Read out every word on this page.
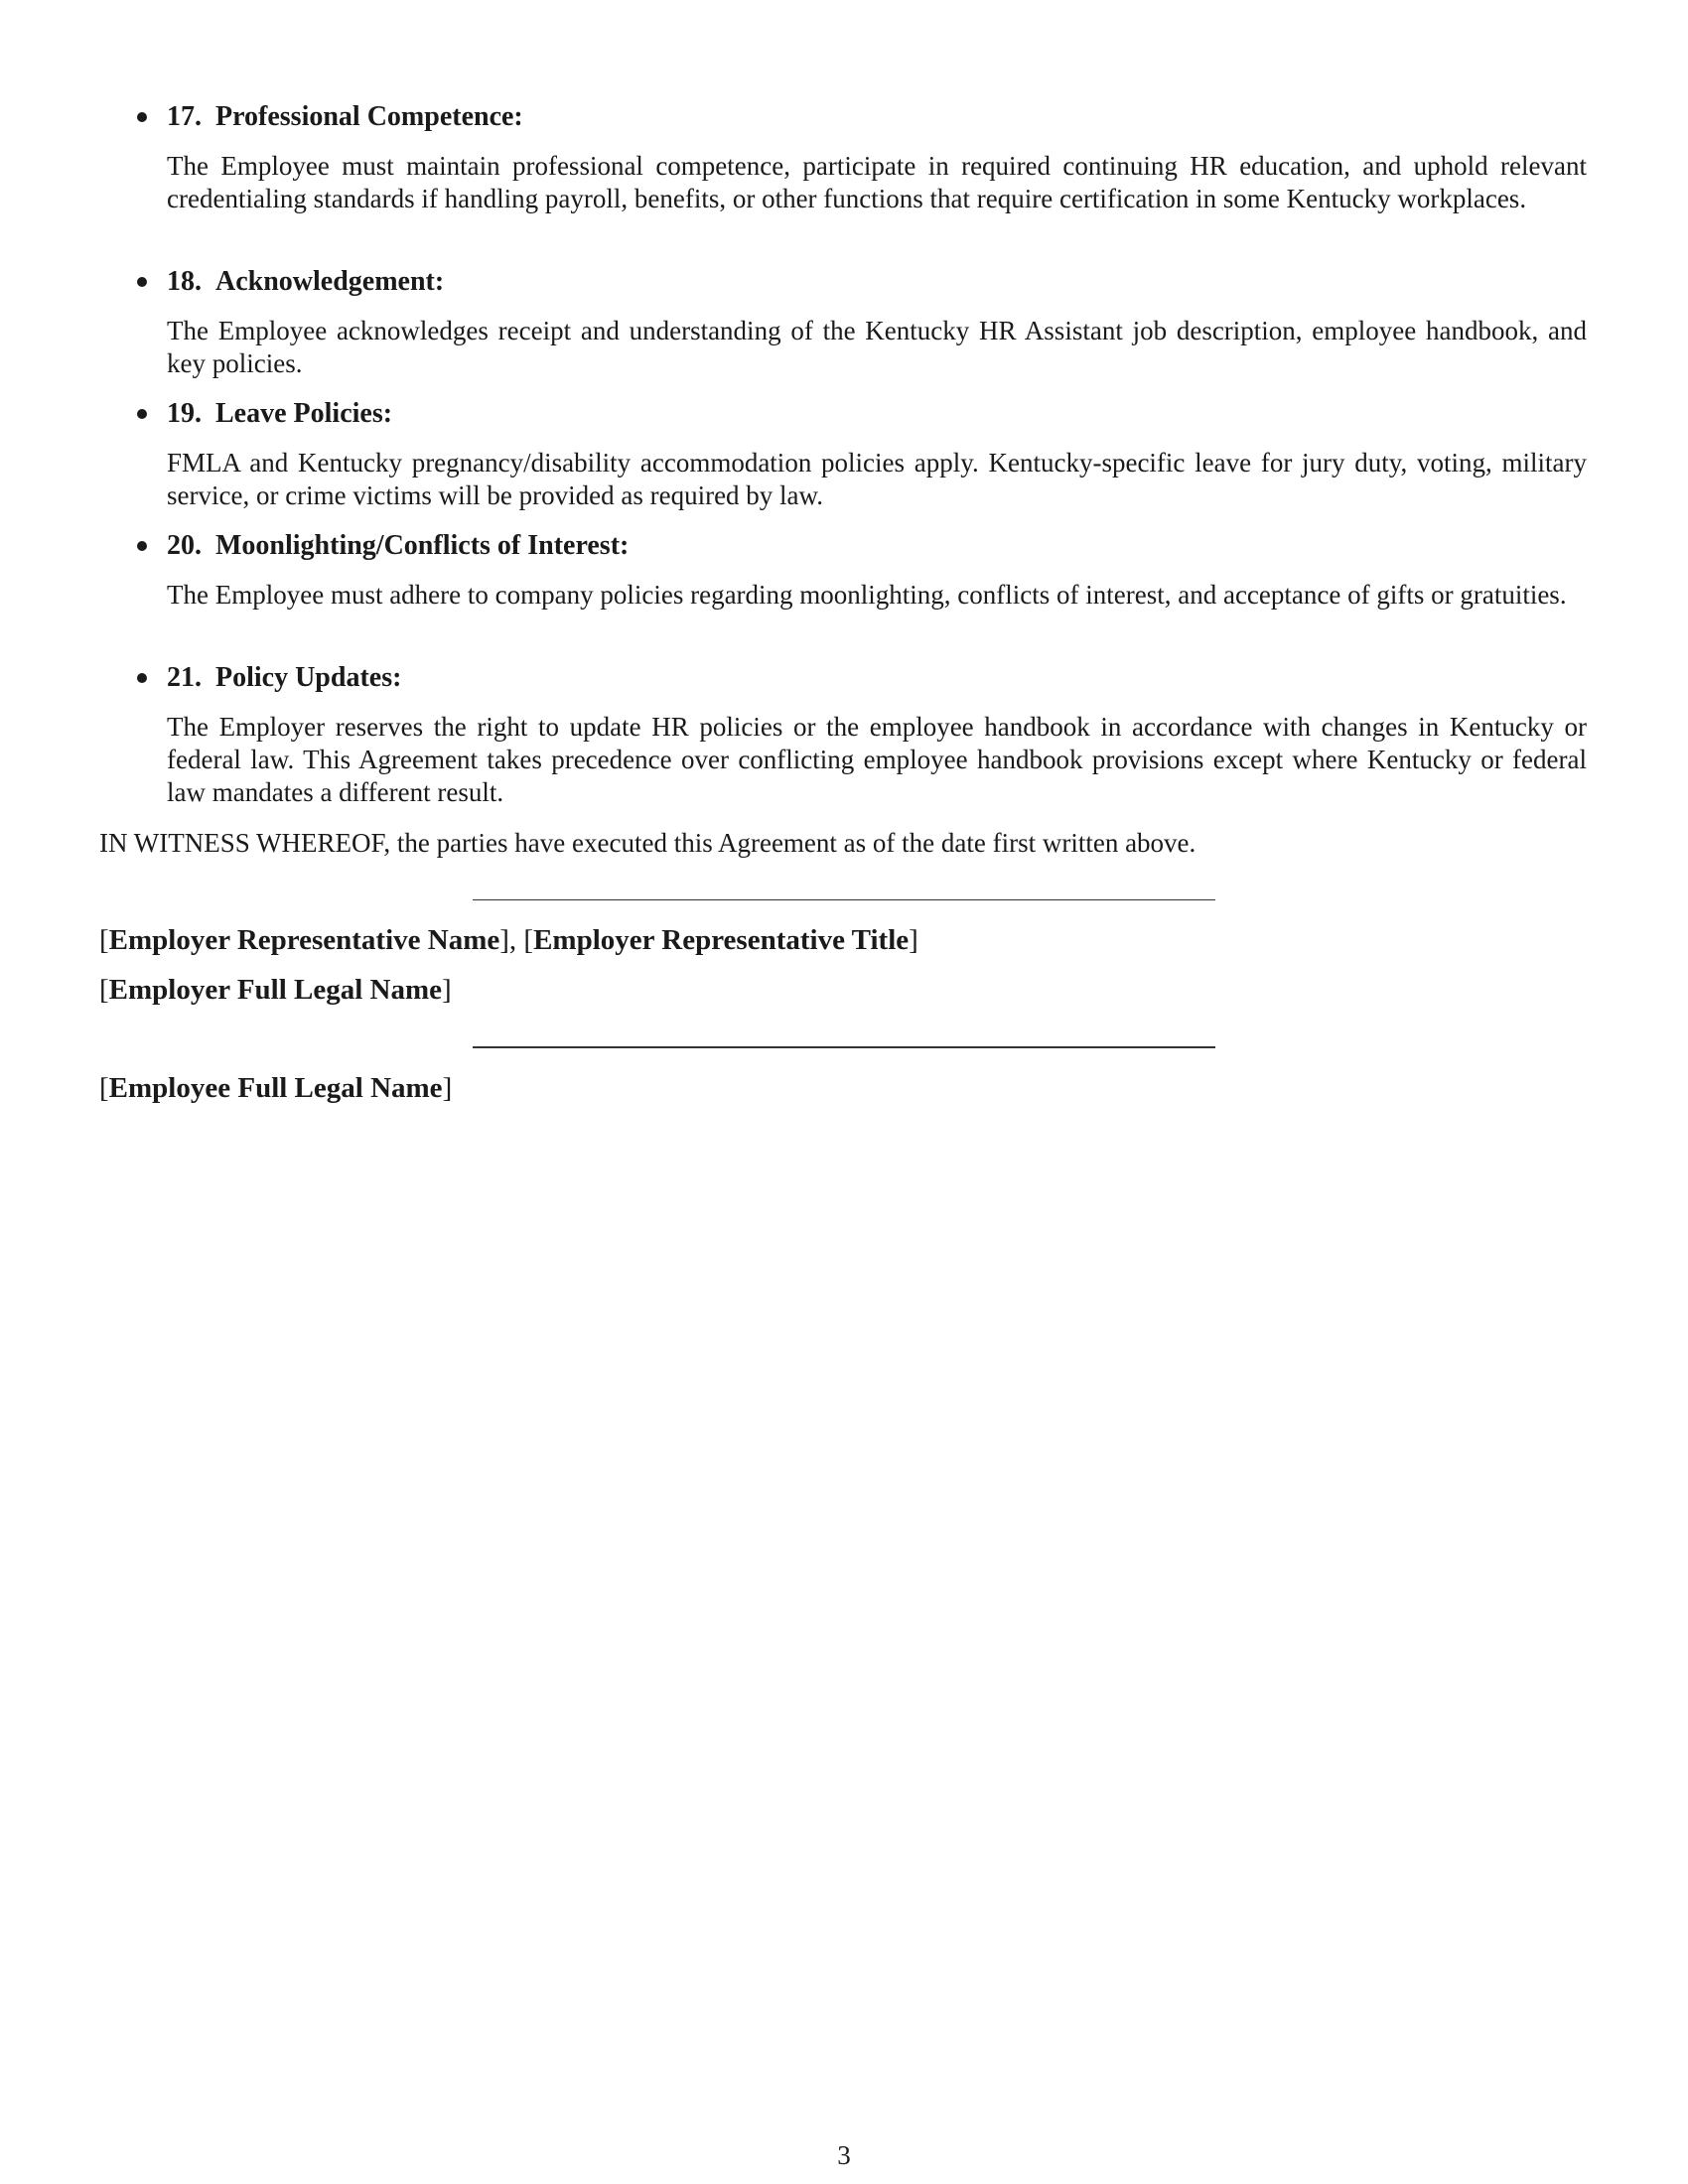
17. Professional Competence:
The Employee must maintain professional competence, participate in required continuing HR education, and uphold relevant credentialing standards if handling payroll, benefits, or other functions that require certification in some Kentucky workplaces.
18. Acknowledgement:
The Employee acknowledges receipt and understanding of the Kentucky HR Assistant job description, employee handbook, and key policies.
19. Leave Policies:
FMLA and Kentucky pregnancy/disability accommodation policies apply. Kentucky-specific leave for jury duty, voting, military service, or crime victims will be provided as required by law.
20. Moonlighting/Conflicts of Interest:
The Employee must adhere to company policies regarding moonlighting, conflicts of interest, and acceptance of gifts or gratuities.
21. Policy Updates:
The Employer reserves the right to update HR policies or the employee handbook in accordance with changes in Kentucky or federal law. This Agreement takes precedence over conflicting employee handbook provisions except where Kentucky or federal law mandates a different result.
IN WITNESS WHEREOF, the parties have executed this Agreement as of the date first written above.
[Employer Representative Name], [Employer Representative Title]
[Employer Full Legal Name]
[Employee Full Legal Name]
3
